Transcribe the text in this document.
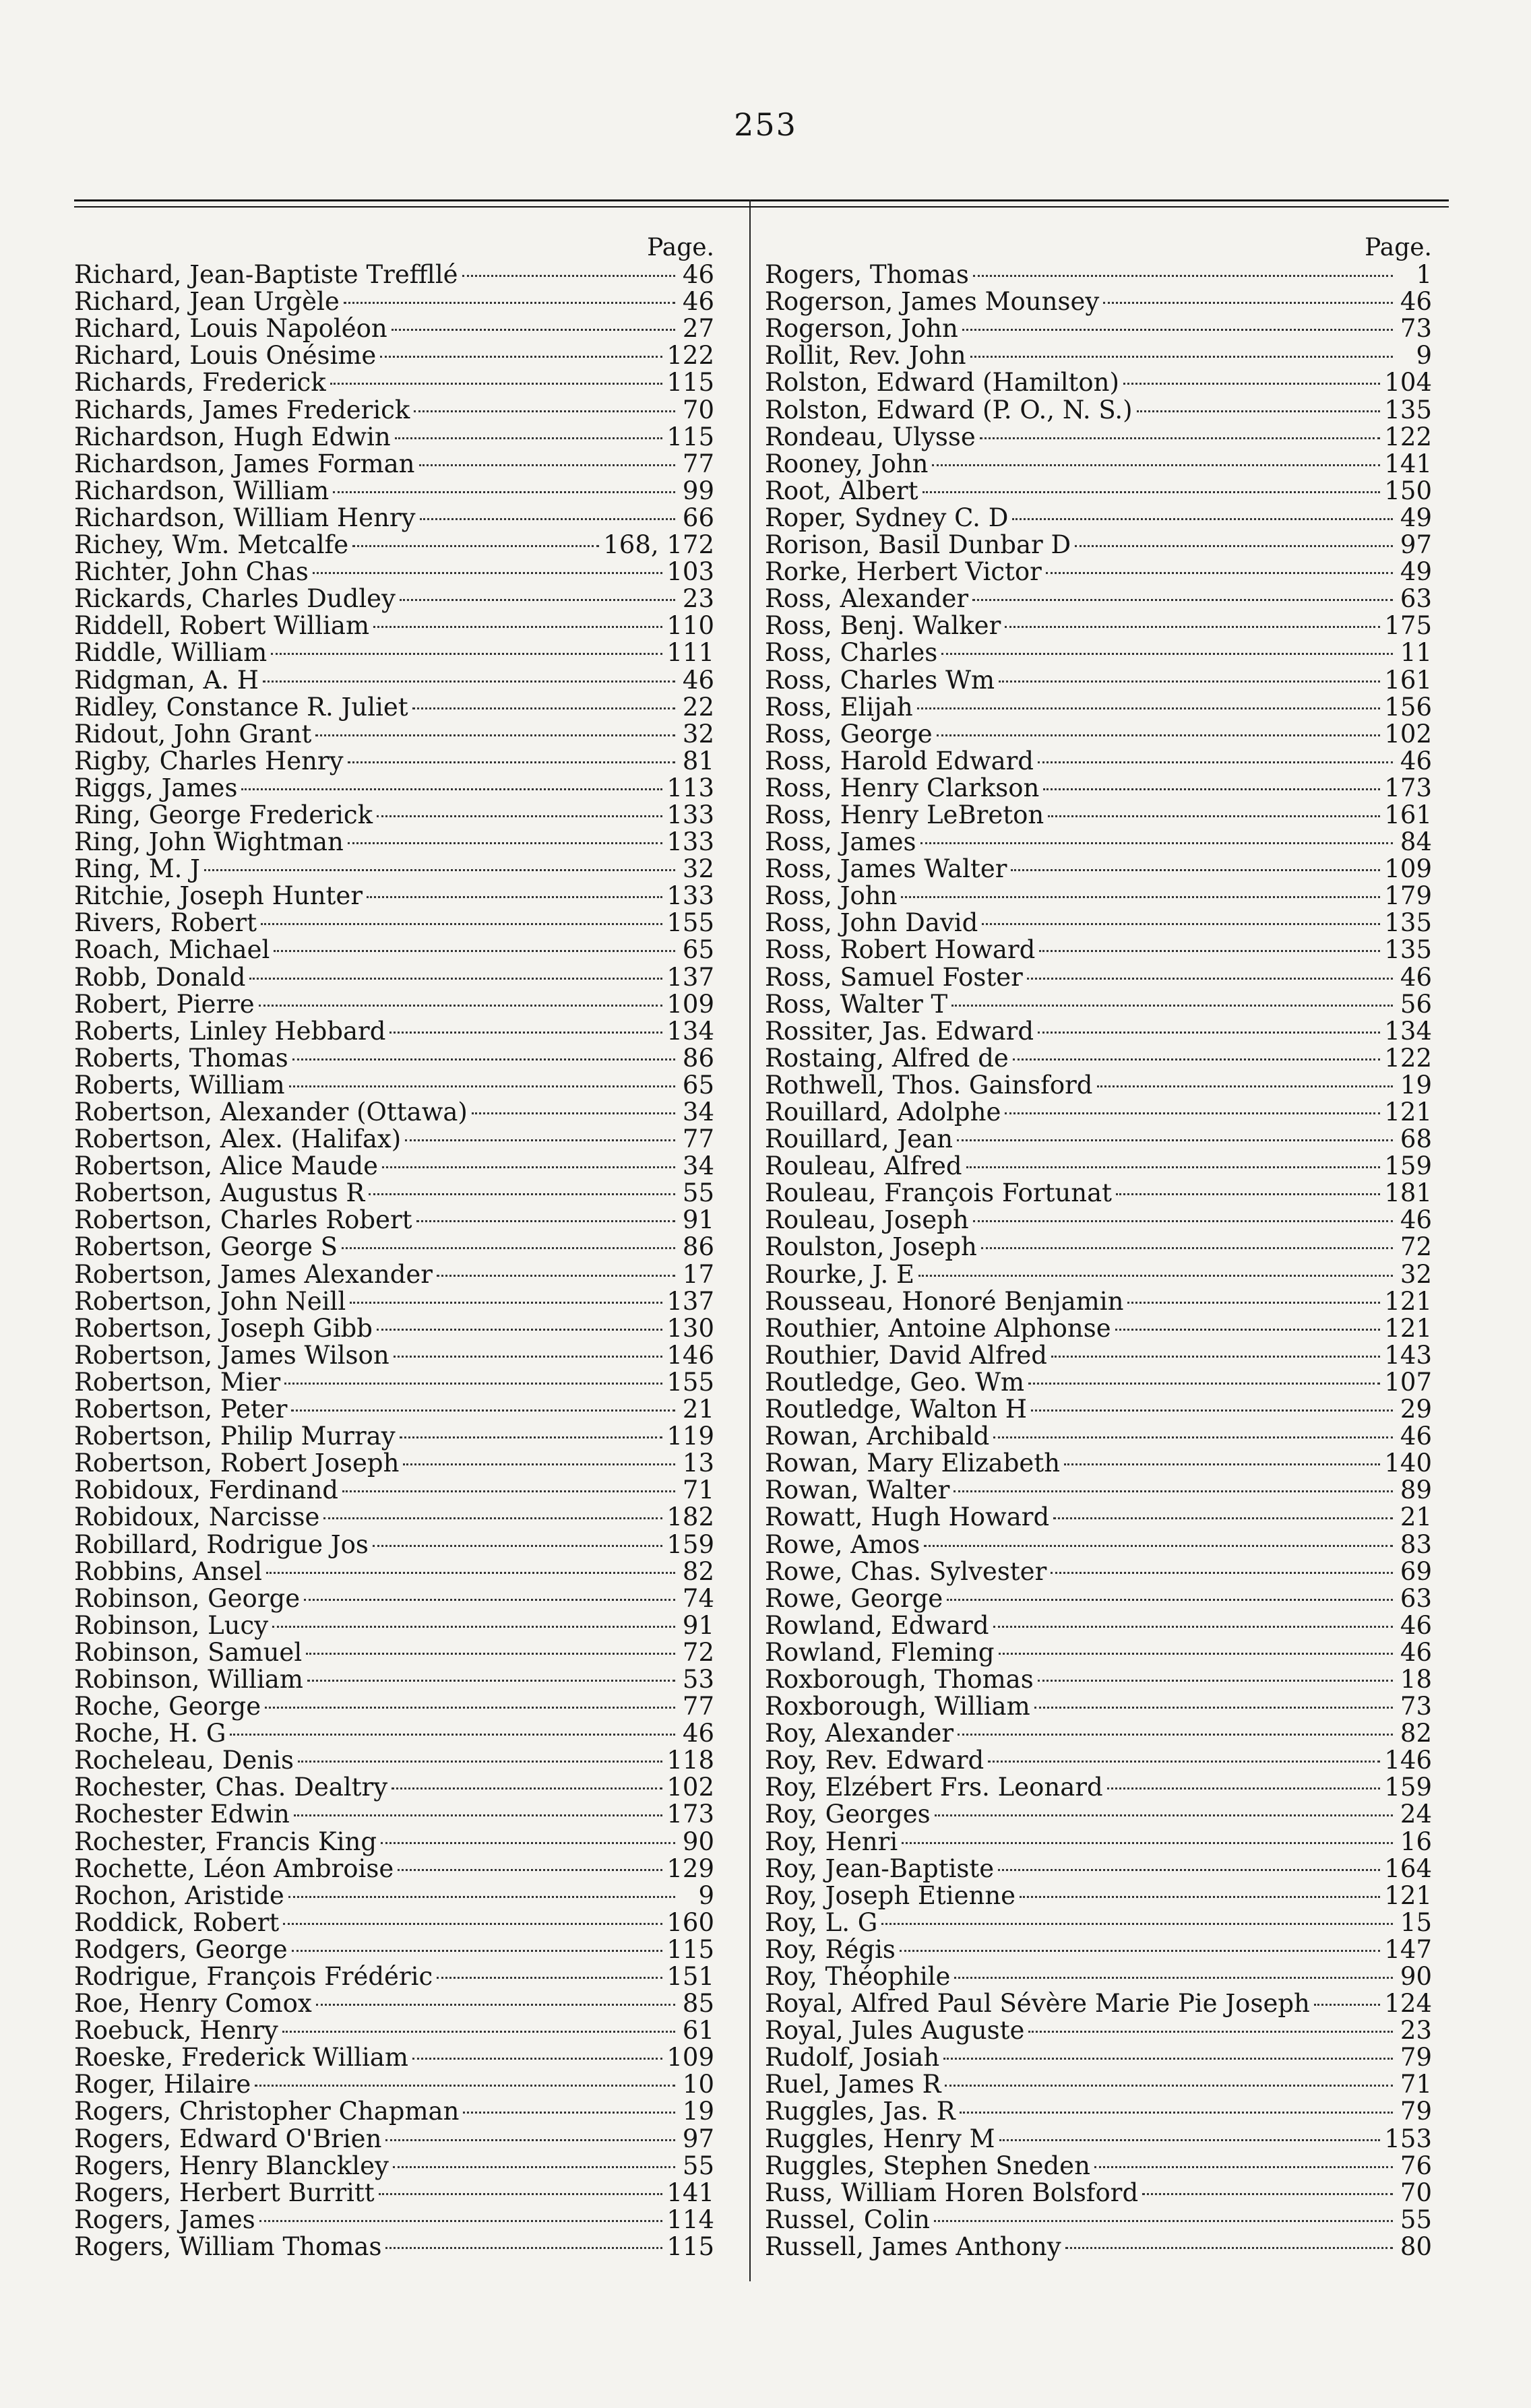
253
Page.
Richard, Jean-Baptiste Treffllé	46
Richard, Jean Urgèle	46
Richard, Louis Napoléon	27
Richard, Louis Onésime	122
Richards, Frederick	115
Richards, James Frederick	70
Richardson, Hugh Edwin	115
Richardson, James Forman	77
Richardson, William	99
Richardson, William Henry	66
Richey, Wm. Metcalfe	168, 172
Richter, John Chas	103
Rickards, Charles Dudley	23
Riddell, Robert William	110
Riddle, William	111
Ridgman, A. H	46
Ridley, Constance R. Juliet	22
Ridout, John Grant	32
Rigby, Charles Henry	81
Riggs, James	113
Ring, George Frederick	133
Ring, John Wightman	133
Ring, M. J	32
Ritchie, Joseph Hunter	133
Rivers, Robert	155
Roach, Michael	65
Robb, Donald	137
Robert, Pierre	109
Roberts, Linley Hebbard	134
Roberts, Thomas	86
Roberts, William	65
Robertson, Alexander (Ottawa)	34
Robertson, Alex. (Halifax)	77
Robertson, Alice Maude	34
Robertson, Augustus R	55
Robertson, Charles Robert	91
Robertson, George S	86
Robertson, James Alexander	17
Robertson, John Neill	137
Robertson, Joseph Gibb	130
Robertson, James Wilson	146
Robertson, Mier	155
Robertson, Peter	21
Robertson, Philip Murray	119
Robertson, Robert Joseph	13
Robidoux, Ferdinand	71
Robidoux, Narcisse	182
Robillard, Rodrigue Jos	159
Robbins, Ansel	82
Robinson, George	74
Robinson, Lucy	91
Robinson, Samuel	72
Robinson, William	53
Roche, George	77
Roche, H. G	46
Rocheleau, Denis	118
Rochester, Chas. Dealtry	102
Rochester Edwin	173
Rochester, Francis King	90
Rochette, Léon Ambroise	129
Rochon, Aristide	9
Roddick, Robert	160
Rodgers, George	115
Rodrigue, François Frédéric	151
Roe, Henry Comox	85
Roebuck, Henry	61
Roeske, Frederick William	109
Roger, Hilaire	10
Rogers, Christopher Chapman	19
Rogers, Edward O'Brien	97
Rogers, Henry Blanckley	55
Rogers, Herbert Burritt	141
Rogers, James	114
Rogers, William Thomas	115
Page.
Rogers, Thomas	1
Rogerson, James Mounsey	46
Rogerson, John	73
Rollit, Rev. John	9
Rolston, Edward (Hamilton)	104
Rolston, Edward (P. O., N. S.)	135
Rondeau, Ulysse	122
Rooney, John	141
Root, Albert	150
Roper, Sydney C. D	49
Rorison, Basil Dunbar D	97
Rorke, Herbert Victor	49
Ross, Alexander	63
Ross, Benj. Walker	175
Ross, Charles	11
Ross, Charles Wm	161
Ross, Elijah	156
Ross, George	102
Ross, Harold Edward	46
Ross, Henry Clarkson	173
Ross, Henry LeBreton	161
Ross, James	84
Ross, James Walter	109
Ross, John	179
Ross, John David	135
Ross, Robert Howard	135
Ross, Samuel Foster	46
Ross, Walter T	56
Rossiter, Jas. Edward	134
Rostaing, Alfred de	122
Rothwell, Thos. Gainsford	19
Rouillard, Adolphe	121
Rouillard, Jean	68
Rouleau, Alfred	159
Rouleau, François Fortunat	181
Rouleau, Joseph	46
Roulston, Joseph	72
Rourke, J. E	32
Rousseau, Honoré Benjamin	121
Routhier, Antoine Alphonse	121
Routhier, David Alfred	143
Routledge, Geo. Wm	107
Routledge, Walton H	29
Rowan, Archibald	46
Rowan, Mary Elizabeth	140
Rowan, Walter	89
Rowatt, Hugh Howard	21
Rowe, Amos	83
Rowe, Chas. Sylvester	69
Rowe, George	63
Rowland, Edward	46
Rowland, Fleming	46
Roxborough, Thomas	18
Roxborough, William	73
Roy, Alexander	82
Roy, Rev. Edward	146
Roy, Elzébert Frs. Leonard	159
Roy, Georges	24
Roy, Henri	16
Roy, Jean-Baptiste	164
Roy, Joseph Etienne	121
Roy, L. G	15
Roy, Régis	147
Roy, Théophile	90
Royal, Alfred Paul Sévère Marie Pie Joseph	124
Royal, Jules Auguste	23
Rudolf, Josiah	79
Ruel, James R	71
Ruggles, Jas. R	79
Ruggles, Henry M	153
Ruggles, Stephen Sneden	76
Russ, William Horen Bolsford	70
Russel, Colin	55
Russell, James Anthony	80
